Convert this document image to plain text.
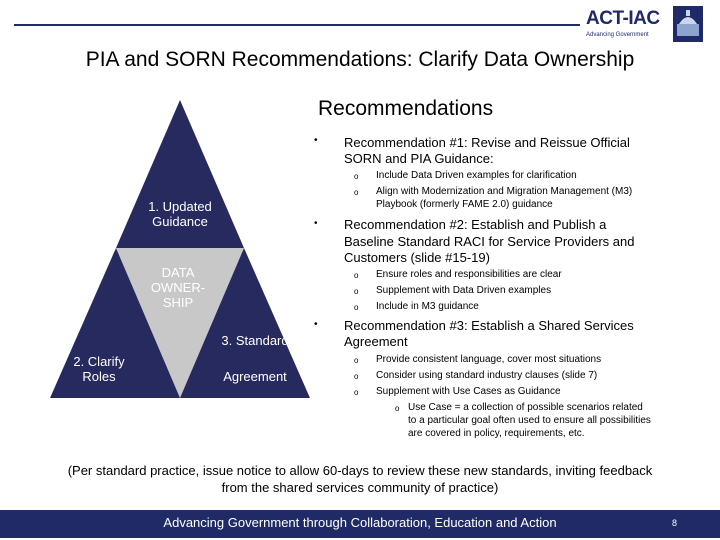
ACT-IAC
Advancing Government
PIA and SORN Recommendations: Clarify Data Ownership
Recommendations
1. Updated Guidance
DATA OWNER-SHIP
2. Clarify Roles
3. Standard
Agreement
• Recommendation #1: Revise and Reissue Official
SORN and PIA Guidance:
o Include Data Driven examples for clarification
o Align with Modernization and Migration Management (M3)
Playbook (formerly FAME 2.0) guidance
• Recommendation #2: Establish and Publish a
Baseline Standard RACI for Service Providers and
Customers (slide #15-19)
o Ensure roles and responsibilities are clear
o Supplement with Data Driven examples
o Include in M3 guidance
• Recommendation #3: Establish a Shared Services
Agreement
o Provide consistent language, cover most situations
o Consider using standard industry clauses (slide 7)
o Supplement with Use Cases as Guidance
o Use Case = a collection of possible scenarios related
to a particular goal often used to ensure all possibilities
are covered in policy, requirements, etc.
(Per standard practice, issue notice to allow 60-days to review these new standards, inviting feedback
from the shared services community of practice)
Advancing Government through Collaboration, Education and Action	8
